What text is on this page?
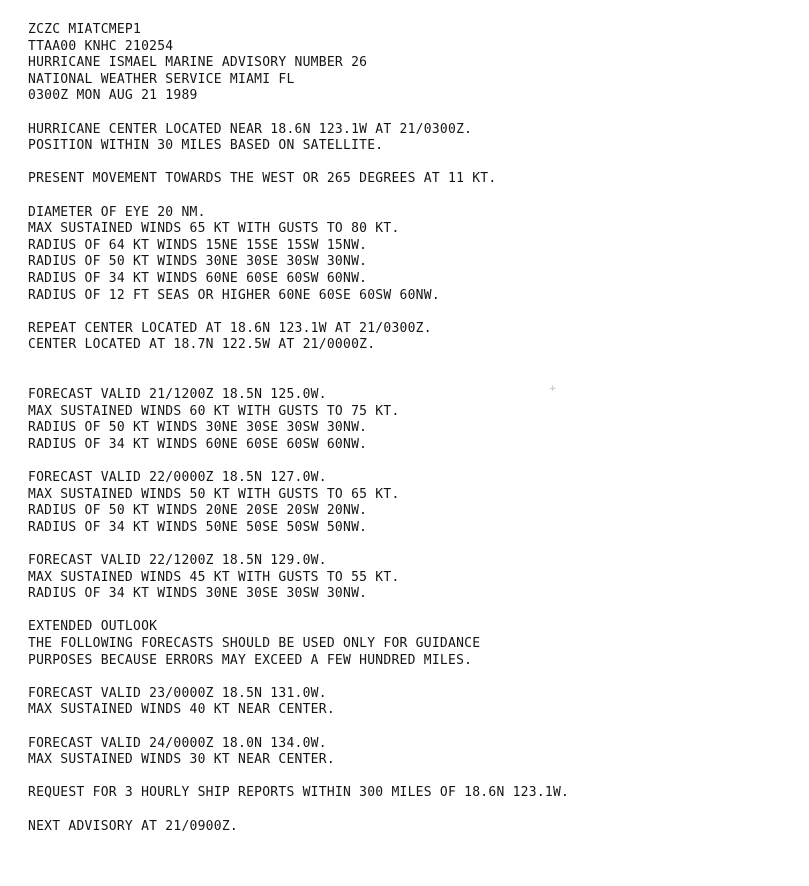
ZCZC MIATCMEP1
TTAA00 KNHC 210254
HURRICANE ISMAEL MARINE ADVISORY NUMBER 26
NATIONAL WEATHER SERVICE MIAMI FL
0300Z MON AUG 21 1989
HURRICANE CENTER LOCATED NEAR 18.6N 123.1W AT 21/0300Z.
POSITION WITHIN 30 MILES BASED ON SATELLITE.
PRESENT MOVEMENT TOWARDS THE WEST OR 265 DEGREES AT 11 KT.
DIAMETER OF EYE 20 NM.
MAX SUSTAINED WINDS 65 KT WITH GUSTS TO 80 KT.
RADIUS OF 64 KT WINDS 15NE 15SE 15SW 15NW.
RADIUS OF 50 KT WINDS 30NE 30SE 30SW 30NW.
RADIUS OF 34 KT WINDS 60NE 60SE 60SW 60NW.
RADIUS OF 12 FT SEAS OR HIGHER 60NE 60SE 60SW 60NW.
REPEAT CENTER LOCATED AT 18.6N 123.1W AT 21/0300Z.
CENTER LOCATED AT 18.7N 122.5W AT 21/0000Z.
FORECAST VALID 21/1200Z 18.5N 125.0W.
MAX SUSTAINED WINDS 60 KT WITH GUSTS TO 75 KT.
RADIUS OF 50 KT WINDS 30NE 30SE 30SW 30NW.
RADIUS OF 34 KT WINDS 60NE 60SE 60SW 60NW.
FORECAST VALID 22/0000Z 18.5N 127.0W.
MAX SUSTAINED WINDS 50 KT WITH GUSTS TO 65 KT.
RADIUS OF 50 KT WINDS 20NE 20SE 20SW 20NW.
RADIUS OF 34 KT WINDS 50NE 50SE 50SW 50NW.
FORECAST VALID 22/1200Z 18.5N 129.0W.
MAX SUSTAINED WINDS 45 KT WITH GUSTS TO 55 KT.
RADIUS OF 34 KT WINDS 30NE 30SE 30SW 30NW.
EXTENDED OUTLOOK
THE FOLLOWING FORECASTS SHOULD BE USED ONLY FOR GUIDANCE
PURPOSES BECAUSE ERRORS MAY EXCEED A FEW HUNDRED MILES.
FORECAST VALID 23/0000Z 18.5N 131.0W.
MAX SUSTAINED WINDS 40 KT NEAR CENTER.
FORECAST VALID 24/0000Z 18.0N 134.0W.
MAX SUSTAINED WINDS 30 KT NEAR CENTER.
REQUEST FOR 3 HOURLY SHIP REPORTS WITHIN 300 MILES OF 18.6N 123.1W.
NEXT ADVISORY AT 21/0900Z.
+
